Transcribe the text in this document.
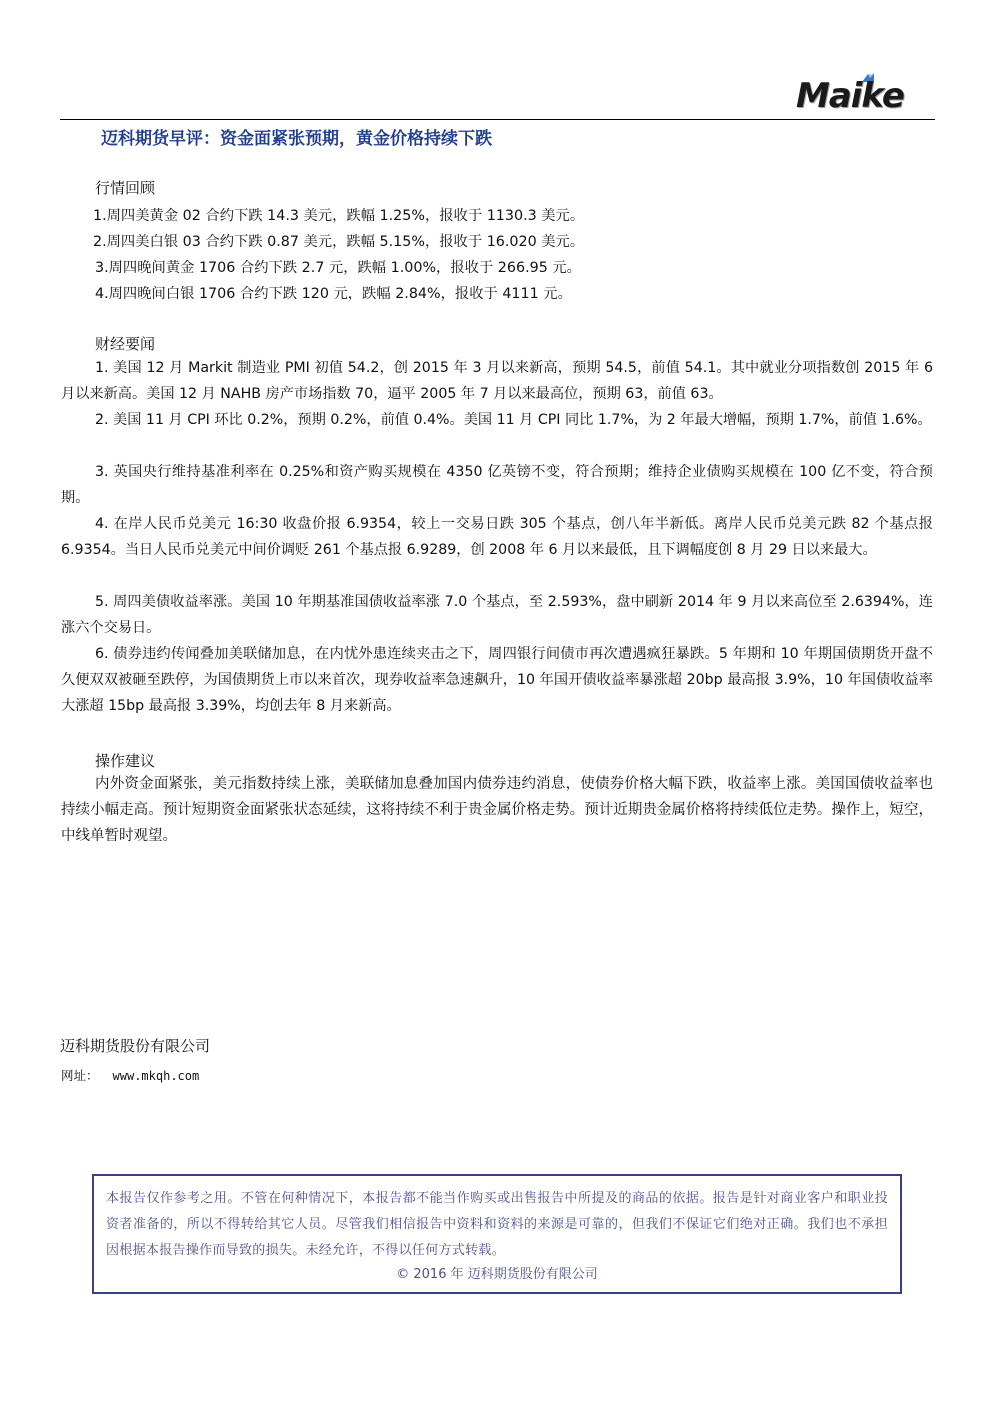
Maike
迈科期货早评：资金面紧张预期，黄金价格持续下跌
行情回顾
1.周四美黄金 02 合约下跌 14.3 美元，跌幅 1.25%，报收于 1130.3 美元。
2.周四美白银 03 合约下跌 0.87 美元，跌幅 5.15%，报收于 16.020 美元。
3.周四晚间黄金 1706 合约下跌 2.7 元，跌幅 1.00%，报收于 266.95 元。
4.周四晚间白银 1706 合约下跌 120 元，跌幅 2.84%，报收于 4111 元。
财经要闻

1. 美国 12 月 Markit 制造业 PMI 初值 54.2，创 2015 年 3 月以来新高，预期 54.5，前值 54.1。其中就业分项指数创 2015 年 6 月以来新高。美国 12 月 NAHB 房产市场指数 70，逼平 2005 年 7 月以来最高位，预期 63，前值 63。

2. 美国 11 月 CPI 环比 0.2%，预期 0.2%，前值 0.4%。美国 11 月 CPI 同比 1.7%，为 2 年最大增幅，预期 1.7%，前值 1.6%。

3. 英国央行维持基准利率在 0.25%和资产购买规模在 4350 亿英镑不变，符合预期；维持企业债购买规模在 100 亿不变，符合预期。

4. 在岸人民币兑美元 16:30 收盘价报 6.9354，较上一交易日跌 305 个基点，创八年半新低。离岸人民币兑美元跌 82 个基点报 6.9354。当日人民币兑美元中间价调贬 261 个基点报 6.9289，创 2008 年 6 月以来最低，且下调幅度创 8 月 29 日以来最大。

5. 周四美债收益率涨。美国 10 年期基准国债收益率涨 7.0 个基点，至 2.593%，盘中刷新 2014 年 9 月以来高位至 2.6394%，连涨六个交易日。

6. 债券违约传闻叠加美联储加息，在内忧外患连续夹击之下，周四银行间债市再次遭遇疯狂暴跌。5 年期和 10 年期国债期货开盘不久便双双被砸至跌停，为国债期货上市以来首次，现券收益率急速飙升，10 年国开债收益率暴涨超 20bp 最高报 3.9%，10 年国债收益率大涨超 15bp 最高报 3.39%，均创去年 8 月来新高。

操作建议

内外资金面紧张，美元指数持续上涨，美联储加息叠加国内债券违约消息，使债券价格大幅下跌，收益率上涨。美国国债收益率也持续小幅走高。预计短期资金面紧张状态延续，这将持续不利于贵金属价格走势。预计近期贵金属价格将持续低位走势。操作上，短空，中线单暂时观望。

迈科期货股份有限公司
网址： www.mkqh.com

本报告仅作参考之用。不管在何种情况下，本报告都不能当作购买或出售报告中所提及的商品的依据。报告是针对商业客户和职业投资者准备的，所以不得转给其它人员。尽管我们相信报告中资料和资料的来源是可靠的，但我们不保证它们绝对正确。我们也不承担因根据本报告操作而导致的损失。未经允许，不得以任何方式转载。

© 2016 年 迈科期货股份有限公司
